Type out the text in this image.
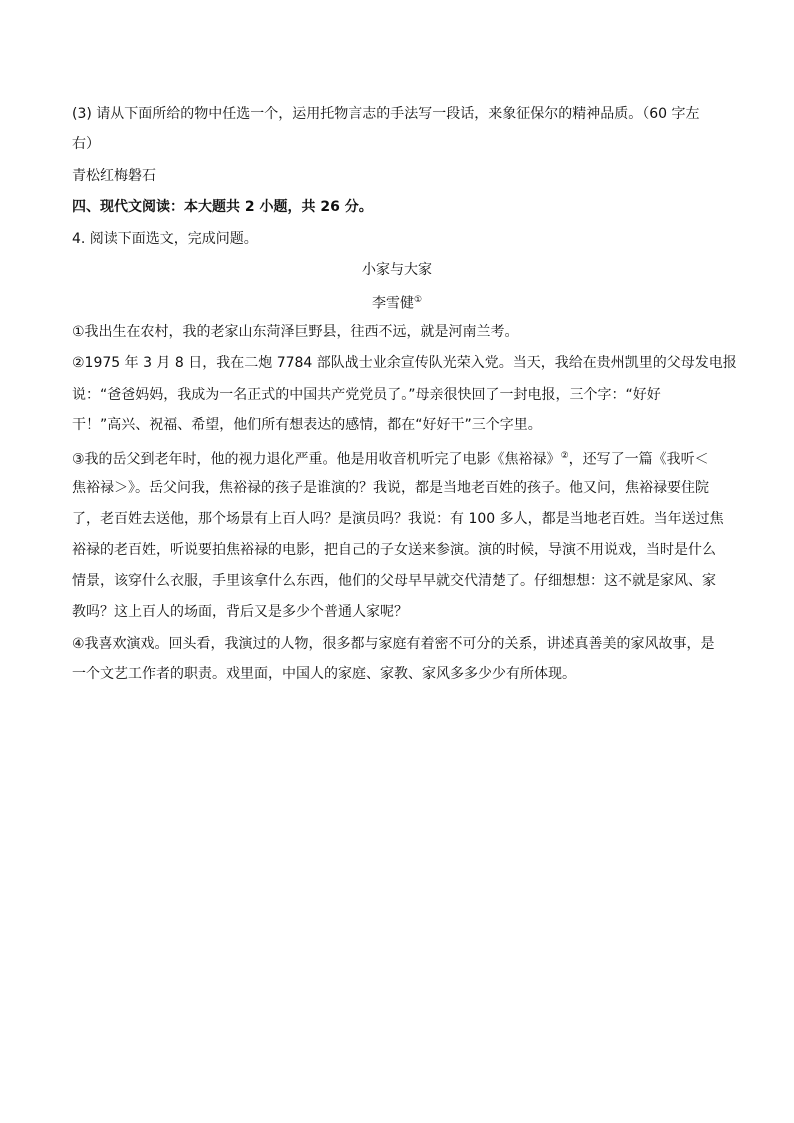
(3) 请从下面所给的物中任选一个，运用托物言志的手法写一段话，来象征保尔的精神品质。（60 字左
右）
青松红梅磐石
四、现代文阅读：本大题共 2 小题，共 26 分。
4. 阅读下面选文，完成问题。
小家与大家
李雪健①
①我出生在农村，我的老家山东菏泽巨野县，往西不远，就是河南兰考。
②1975 年 3 月 8 日，我在二炮 7784 部队战士业余宣传队光荣入党。当天，我给在贵州凯里的父母发电报
说：“爸爸妈妈，我成为一名正式的中国共产党党员了。”母亲很快回了一封电报，三个字：“好好
干！”高兴、祝福、希望，他们所有想表达的感情，都在“好好干”三个字里。
③我的岳父到老年时，他的视力退化严重。他是用收音机听完了电影《焦裕禄》②，还写了一篇《我听＜
焦裕禄＞》。岳父问我，焦裕禄的孩子是谁演的？我说，都是当地老百姓的孩子。他又问，焦裕禄要住院
了，老百姓去送他，那个场景有上百人吗？是演员吗？我说：有 100 多人，都是当地老百姓。当年送过焦
裕禄的老百姓，听说要拍焦裕禄的电影，把自己的子女送来参演。演的时候，导演不用说戏，当时是什么
情景，该穿什么衣服，手里该拿什么东西，他们的父母早早就交代清楚了。仔细想想：这不就是家风、家
教吗？这上百人的场面，背后又是多少个普通人家呢？
④我喜欢演戏。回头看，我演过的人物，很多都与家庭有着密不可分的关系，讲述真善美的家风故事，是
一个文艺工作者的职责。戏里面，中国人的家庭、家教、家风多多少少有所体现。
